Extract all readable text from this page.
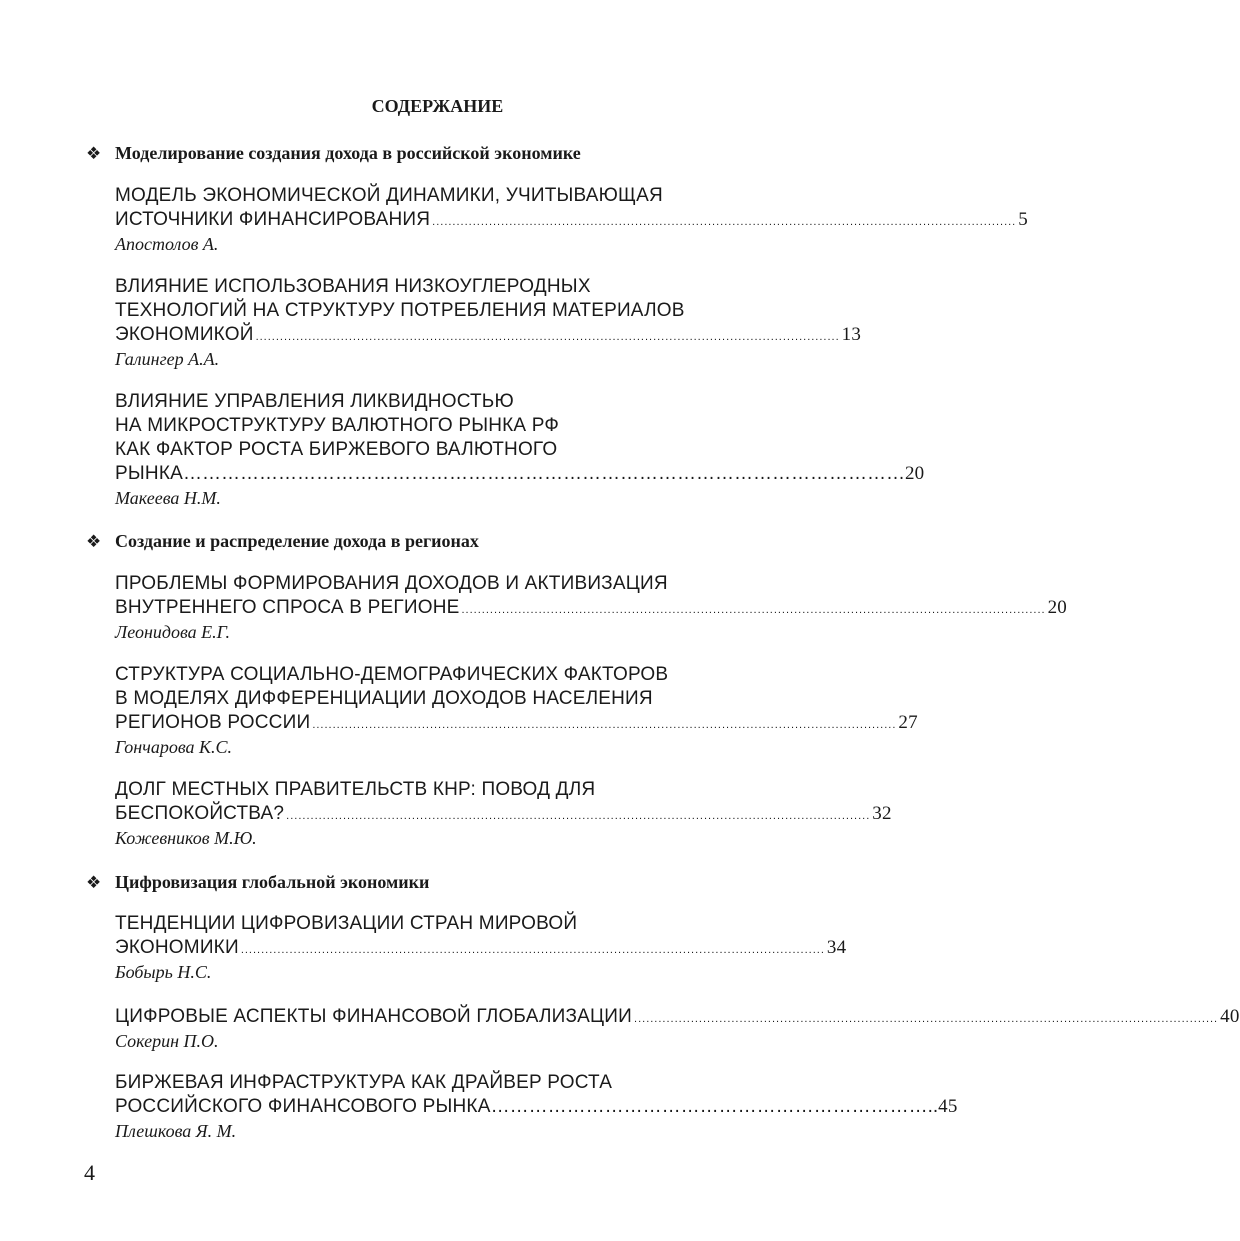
СОДЕРЖАНИЕ
❖ Моделирование создания дохода в российской экономике
МОДЕЛЬ ЭКОНОМИЧЕСКОЙ ДИНАМИКИ, УЧИТЫВАЮЩАЯ
ИСТОЧНИКИ ФИНАНСИРОВАНИЯ ................................................................................................................................................ 5
Апостолов А.
ВЛИЯНИЕ ИСПОЛЬЗОВАНИЯ НИЗКОУГЛЕРОДНЫХ
ТЕХНОЛОГИЙ НА СТРУКТУРУ ПОТРЕБЛЕНИЯ МАТЕРИАЛОВ
ЭКОНОМИКОЙ ................................................................................................................................................ 13
Галингер А.А.
ВЛИЯНИЕ УПРАВЛЕНИЯ ЛИКВИДНОСТЬЮ
НА МИКРОСТРУКТУРУ ВАЛЮТНОГО РЫНКА РФ
КАК ФАКТОР РОСТА БИРЖЕВОГО ВАЛЮТНОГО
РЫНКА …………………………………………………………………………………………………… 20
Макеева Н.М.
❖ Создание и распределение дохода в регионах
ПРОБЛЕМЫ ФОРМИРОВАНИЯ ДОХОДОВ И АКТИВИЗАЦИЯ
ВНУТРЕННЕГО СПРОСА В РЕГИОНЕ ................................................................................................................................................ 20
Леонидова Е.Г.
СТРУКТУРА СОЦИАЛЬНО-ДЕМОГРАФИЧЕСКИХ ФАКТОРОВ
В МОДЕЛЯХ ДИФФЕРЕНЦИАЦИИ ДОХОДОВ НАСЕЛЕНИЯ
РЕГИОНОВ РОССИИ ................................................................................................................................................ 27
Гончарова К.С.
ДОЛГ МЕСТНЫХ ПРАВИТЕЛЬСТВ КНР: ПОВОД ДЛЯ
БЕСПОКОЙСТВА? ................................................................................................................................................ 32
Кожевников М.Ю.
❖ Цифровизация глобальной экономики
ТЕНДЕНЦИИ ЦИФРОВИЗАЦИИ СТРАН МИРОВОЙ
ЭКОНОМИКИ ................................................................................................................................................ 34
Бобырь Н.С.
ЦИФРОВЫЕ АСПЕКТЫ ФИНАНСОВОЙ ГЛОБАЛИЗАЦИИ ................................................................................................................................................ 40
Сокерин П.О.
БИРЖЕВАЯ ИНФРАСТРУКТУРА КАК ДРАЙВЕР РОСТА
РОССИЙСКОГО ФИНАНСОВОГО РЫНКА …………………………………………………………….. 45
Плешкова Я. М.
4
